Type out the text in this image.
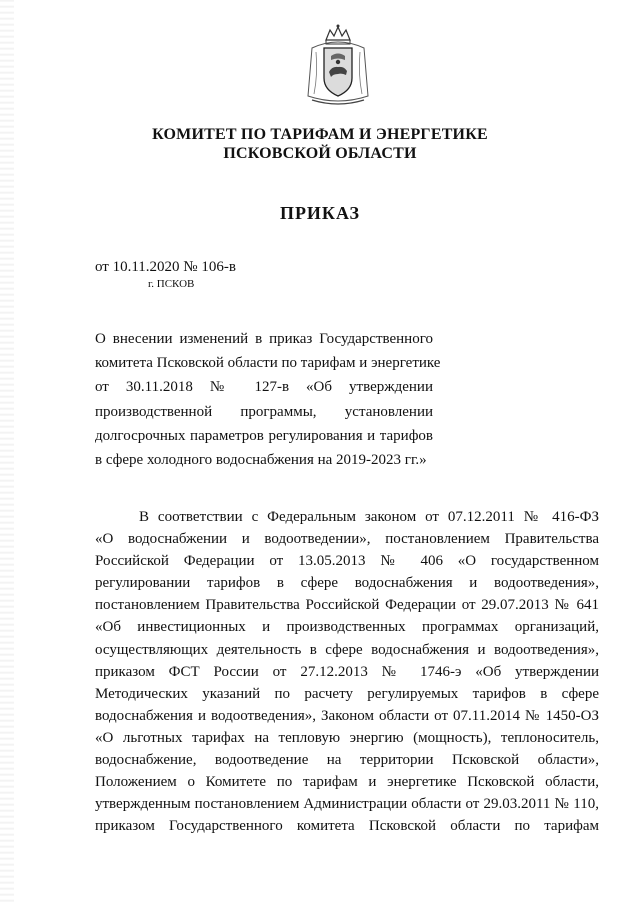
КОМИТЕТ ПО ТАРИФАМ И ЭНЕРГЕТИКЕ
ПСКОВСКОЙ ОБЛАСТИ
ПРИКАЗ
от 10.11.2020 № 106-в
г. ПСКОВ
О внесении изменений в приказ Государственного
комитета Псковской области по тарифам и энергетике
от 30.11.2018 № 127-в «Об утверждении
производственной программы, установлении
долгосрочных параметров регулирования и тарифов
в сфере холодного водоснабжения на 2019-2023 гг.»
В соответствии с Федеральным законом от 07.12.2011 № 416-ФЗ
«О водоснабжении и водоотведении», постановлением Правительства
Российской Федерации от 13.05.2013 № 406 «О государственном
регулировании тарифов в сфере водоснабжения и водоотведения»,
постановлением Правительства Российской Федерации от 29.07.2013 № 641
«Об инвестиционных и производственных программах организаций,
осуществляющих деятельность в сфере водоснабжения и водоотведения»,
приказом ФСТ России от 27.12.2013 № 1746-э «Об утверждении
Методических указаний по расчету регулируемых тарифов в сфере
водоснабжения и водоотведения», Законом области от 07.11.2014 № 1450-ОЗ
«О льготных тарифах на тепловую энергию (мощность), теплоноситель,
водоснабжение, водоотведение на территории Псковской области»,
Положением о Комитете по тарифам и энергетике Псковской области,
утвержденным постановлением Администрации области от 29.03.2011 № 110,
приказом Государственного комитета Псковской области по тарифам
